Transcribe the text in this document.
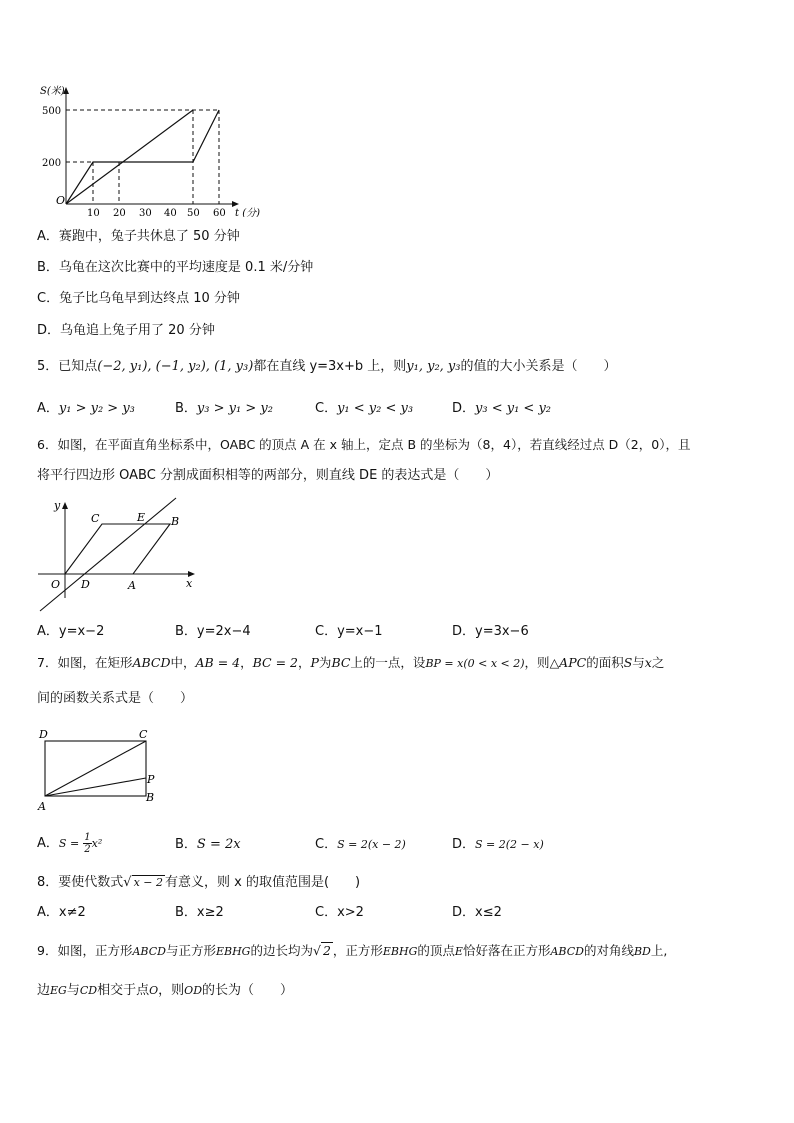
S(米)
500
200
O
10 20 30 40 50 60 t (分)
A．赛跑中，兔子共休息了 50 分钟
B．乌龟在这次比赛中的平均速度是 0.1 米/分钟
C．兔子比乌龟早到达终点 10 分钟
D．乌龟追上兔子用了 20 分钟
5．已知点(−2, y₁), (−1, y₂), (1, y₃)都在直线 y=3x+b 上，则y₁, y₂, y₃的值的大小关系是（　　）
A．y₁ > y₂ > y₃	B．y₃ > y₁ > y₂	C．y₁ < y₂ < y₃	D．y₃ < y₁ < y₂
6．如图，在平面直角坐标系中，OABC 的顶点 A 在 x 轴上，定点 B 的坐标为（8，4），若直线经过点 D（2，0），且
将平行四边形 OABC 分割成面积相等的两部分，则直线 DE 的表达式是（　　）
y
x
O D	A
C	E B
A．y=x−2	B．y=2x−4	C．y=x−1	D．y=3x−6
7．如图，在矩形ABCD中，AB = 4，BC = 2，P为BC上的一点，设BP = x(0 < x < 2)，则△APC的面积S与x之
间的函数关系式是（　　）
D	C
P
A
B
A．$S = \frac{1}{2} x^2$	B．S = 2x	C．S = 2(x − 2)	D．S = 2(2 − x)
8．要使代数式√ x − 2 有意义，则 x 的取值范围是(　　)
A．x≠2	B．x≥2	C．x>2	D．x≤2
9．如图，正方形ABCD与正方形EBHG的边长均为√ 2 ，正方形EBHG的顶点E恰好落在正方形ABCD的对角线BD上,
边EG与CD相交于点O，则OD的长为（　　）
